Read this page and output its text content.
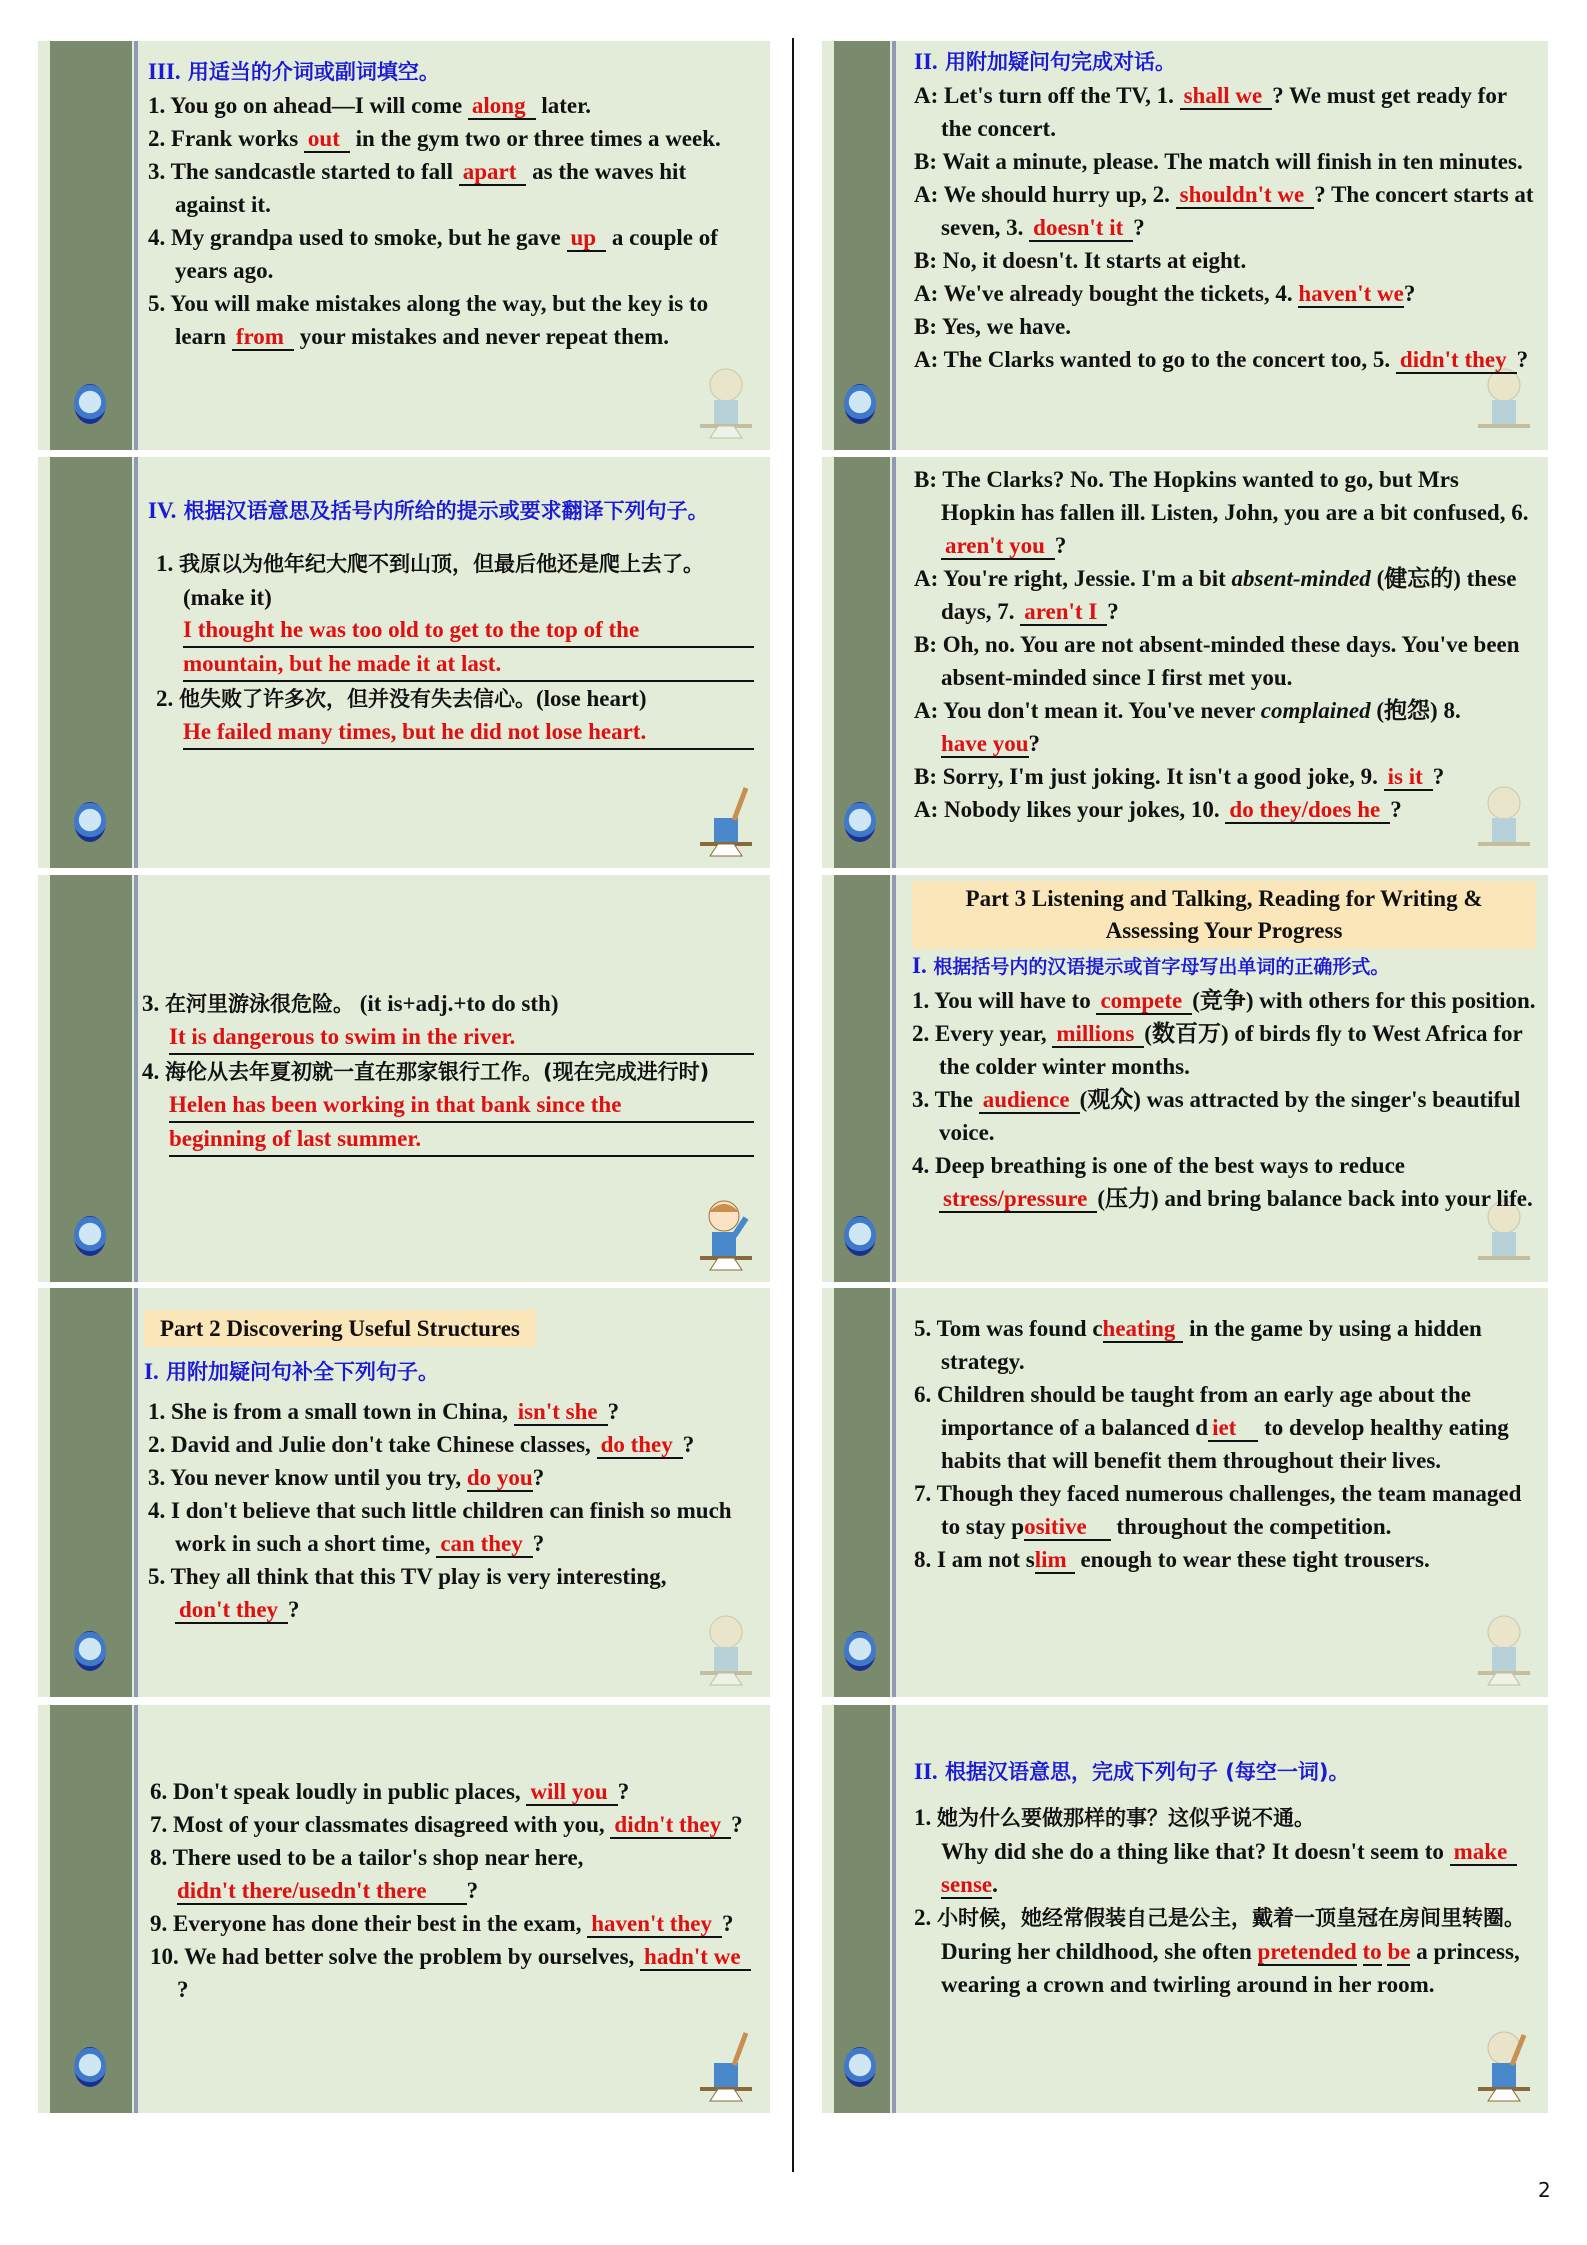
III. 用适当的介词或副词填空。
1. You go on ahead—I will come along later.
2. Frank works out in the gym two or three times a week.
3. The sandcastle started to fall apart as the waves hit against it.
4. My grandpa used to smoke, but he gave up a couple of years ago.
5. You will make mistakes along the way, but the key is to learn from your mistakes and never repeat them.
IV. 根据汉语意思及括号内所给的提示或要求翻译下列句子。
1. 我原以为他年纪大爬不到山顶，但最后他还是爬上去了。 (make it)
I thought he was too old to get to the top of the
mountain, but he made it at last.
2. 他失败了许多次，但并没有失去信心。(lose heart)
He failed many times, but he did not lose heart.
3. 在河里游泳很危险。 (it is+adj.+to do sth)
It is dangerous to swim in the river.
4. 海伦从去年夏初就一直在那家银行工作。(现在完成进行时)
Helen has been working in that bank since the
beginning of last summer.
Part 2 Discovering Useful Structures
I. 用附加疑问句补全下列句子。
1. She is from a small town in China, isn't she ?
2. David and Julie don't take Chinese classes, do they ?
3. You never know until you try, do you?
4. I don't believe that such little children can finish so much work in such a short time, can they ?
5. They all think that this TV play is very interesting, don't they ?
6. Don't speak loudly in public places, will you ?
7. Most of your classmates disagreed with you, didn't they ?
8. There used to be a tailor's shop near here, didn't there/usedn't there ?
9. Everyone has done their best in the exam, haven't they ?
10. We had better solve the problem by ourselves, hadn't we?
II. 用附加疑问句完成对话。
A: Let's turn off the TV, 1. shall we ? We must get ready for the concert.
B: Wait a minute, please. The match will finish in ten minutes.
A: We should hurry up, 2. shouldn't we ? The concert starts at seven, 3. doesn't it ?
B: No, it doesn't. It starts at eight.
A: We've already bought the tickets, 4. haven't we?
B: Yes, we have.
A: The Clarks wanted to go to the concert too, 5. didn't they ?
B: The Clarks? No. The Hopkins wanted to go, but Mrs Hopkin has fallen ill. Listen, John, you are a bit confused, 6. aren't you ?
A: You're right, Jessie. I'm a bit absent-minded (健忘的) these days, 7. aren't I ?
B: Oh, no. You are not absent-minded these days. You've been absent-minded since I first met you.
A: You don't mean it. You've never complained (抱怨) 8. have you?
B: Sorry, I'm just joking. It isn't a good joke, 9. is it ?
A: Nobody likes your jokes, 10. do they/does he ?
Part 3 Listening and Talking, Reading for Writing & Assessing Your Progress
I. 根据括号内的汉语提示或首字母写出单词的正确形式。
1. You will have to compete (竞争) with others for this position.
2. Every year, millions (数百万) of birds fly to West Africa for the colder winter months.
3. The audience (观众) was attracted by the singer's beautiful voice.
4. Deep breathing is one of the best ways to reduce stress/pressure (压力) and bring balance back into your life.
5. Tom was found cheating in the game by using a hidden strategy.
6. Children should be taught from an early age about the importance of a balanced d iet to develop healthy eating habits that will benefit them throughout their lives.
7. Though they faced numerous challenges, the team managed to stay positive throughout the competition.
8. I am not slim enough to wear these tight trousers.
II. 根据汉语意思，完成下列句子 (每空一词)。
1. 她为什么要做那样的事？这似乎说不通。
Why did she do a thing like that? It doesn't seem to make sense.
2. 小时候，她经常假装自己是公主，戴着一顶皇冠在房间里转圈。
During her childhood, she often pretended to be a princess, wearing a crown and twirling around in her room.
2
